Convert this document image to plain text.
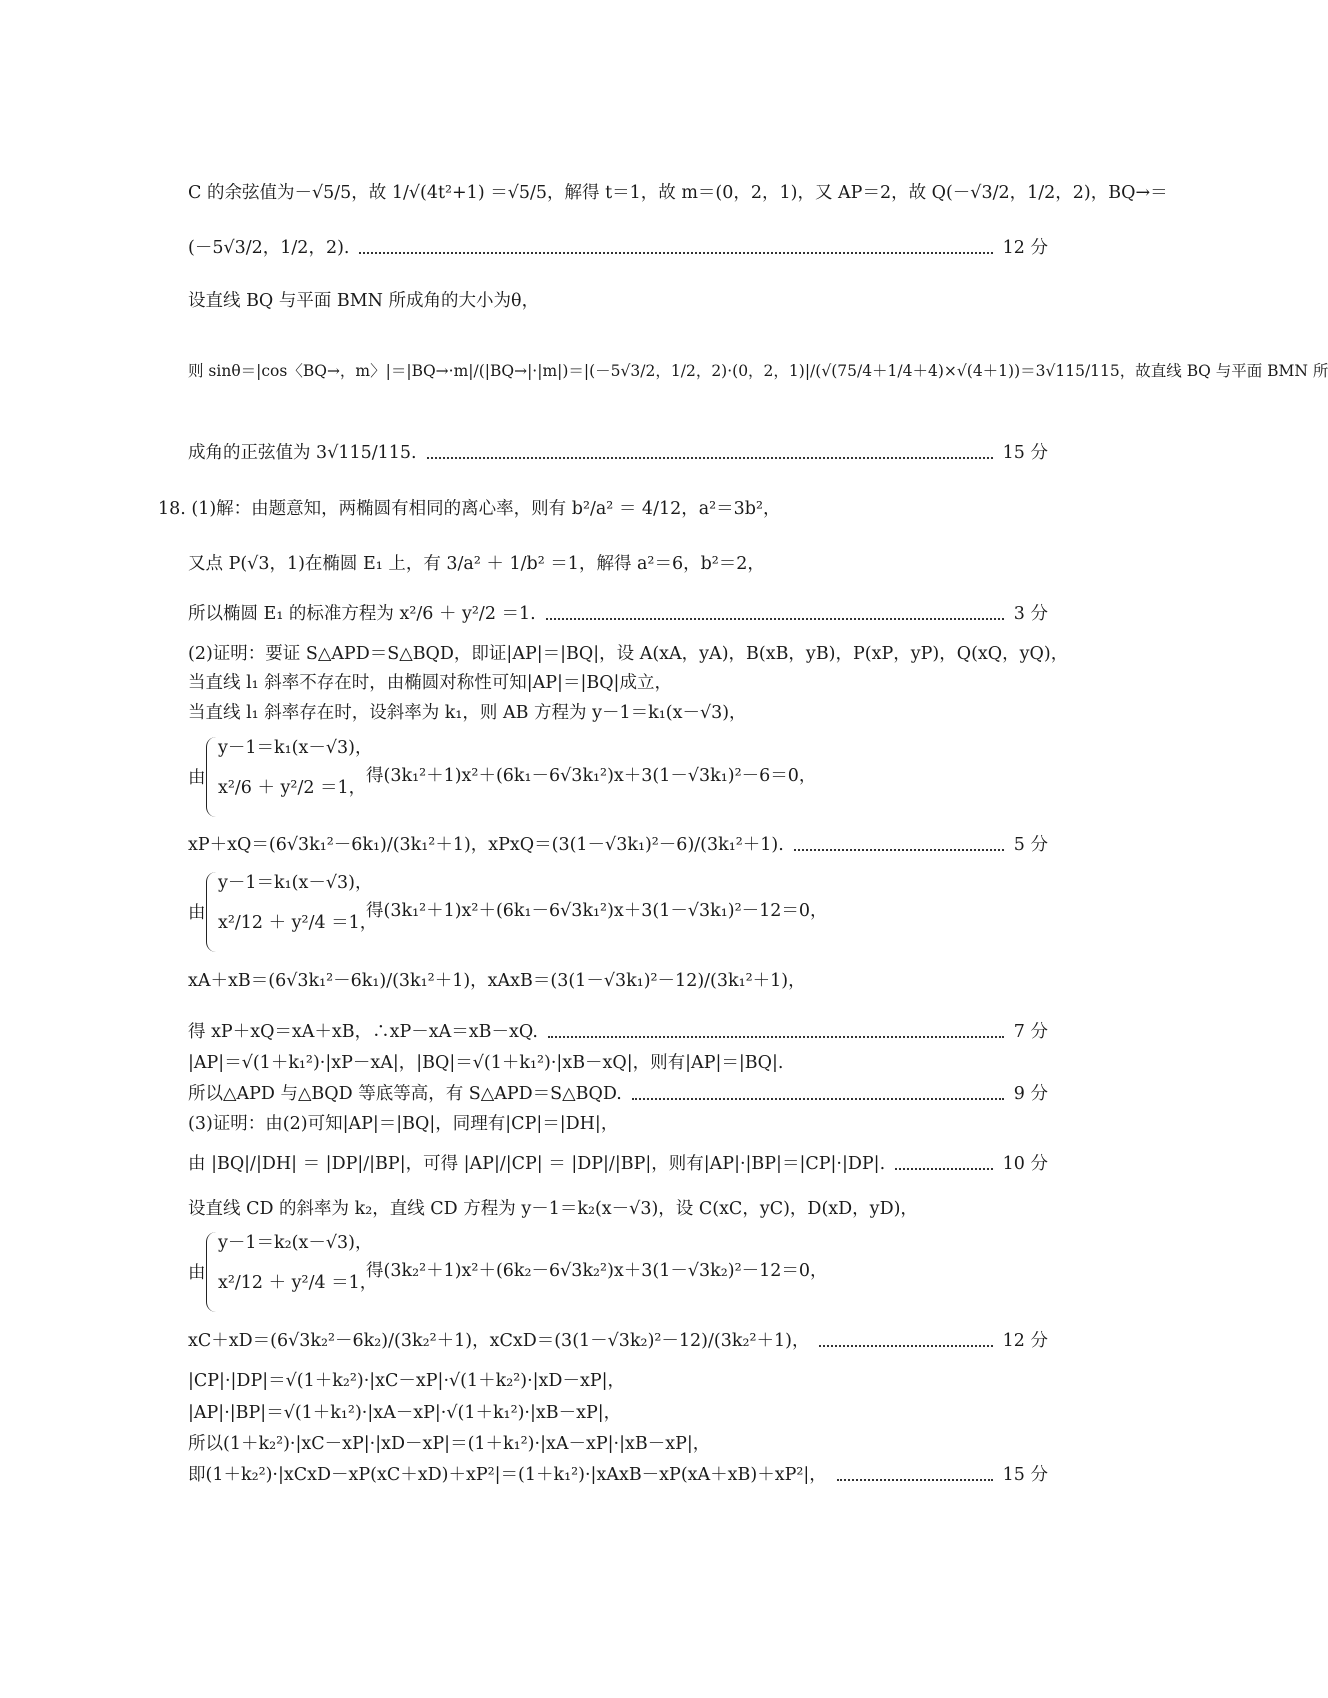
C 的余弦值为－√5/5，故 1/√(4t²+1) ＝√5/5，解得 t＝1，故 m＝(0，2，1)，又 AP＝2，故 Q(－√3/2，1/2，2)，BQ→＝
(－5√3/2，1/2，2).	12 分
设直线 BQ 与平面 BMN 所成角的大小为θ，
则 sinθ＝|cos〈BQ→，m〉|＝|BQ→·m|/(|BQ→|·|m|)＝|(－5√3/2，1/2，2)·(0，2，1)|/(√(75/4＋1/4＋4)×√(4＋1))＝3√115/115，故直线 BQ 与平面 BMN 所
成角的正弦值为 3√115/115.	15 分
18. (1)解：由题意知，两椭圆有相同的离心率，则有 b²/a² ＝ 4/12，a²＝3b²，
又点 P(√3，1)在椭圆 E₁ 上，有 3/a² ＋ 1/b² ＝1，解得 a²＝6，b²＝2，
所以椭圆 E₁ 的标准方程为 x²/6 ＋ y²/2 ＝1.	3 分
(2)证明：要证 S△APD＝S△BQD，即证|AP|＝|BQ|，设 A(xA，yA)，B(xB，yB)，P(xP，yP)，Q(xQ，yQ)，
当直线 l₁ 斜率不存在时，由椭圆对称性可知|AP|＝|BQ|成立，
当直线 l₁ 斜率存在时，设斜率为 k₁，则 AB 方程为 y－1＝k₁(x－√3)，
由
y－1＝k₁(x－√3)，
x²/6 ＋ y²/2 ＝1，
得(3k₁²＋1)x²＋(6k₁－6√3k₁²)x＋3(1－√3k₁)²－6＝0，
xP＋xQ＝(6√3k₁²－6k₁)/(3k₁²＋1)，xPxQ＝(3(1－√3k₁)²－6)/(3k₁²＋1).	5 分
由
y－1＝k₁(x－√3)，
x²/12 ＋ y²/4 ＝1，
得(3k₁²＋1)x²＋(6k₁－6√3k₁²)x＋3(1－√3k₁)²－12＝0，
xA＋xB＝(6√3k₁²－6k₁)/(3k₁²＋1)，xAxB＝(3(1－√3k₁)²－12)/(3k₁²＋1)，
得 xP＋xQ＝xA＋xB，∴xP－xA＝xB－xQ.	7 分
|AP|＝√(1＋k₁²)·|xP－xA|，|BQ|＝√(1＋k₁²)·|xB－xQ|，则有|AP|＝|BQ|.
所以△APD 与△BQD 等底等高，有 S△APD＝S△BQD.	9 分
(3)证明：由(2)可知|AP|＝|BQ|，同理有|CP|＝|DH|，
由 |BQ|/|DH| ＝ |DP|/|BP|，可得 |AP|/|CP| ＝ |DP|/|BP|，则有|AP|·|BP|＝|CP|·|DP|.	10 分
设直线 CD 的斜率为 k₂，直线 CD 方程为 y－1＝k₂(x－√3)，设 C(xC，yC)，D(xD，yD)，
由
y－1＝k₂(x－√3)，
x²/12 ＋ y²/4 ＝1，
得(3k₂²＋1)x²＋(6k₂－6√3k₂²)x＋3(1－√3k₂)²－12＝0，
xC＋xD＝(6√3k₂²－6k₂)/(3k₂²＋1)，xCxD＝(3(1－√3k₂)²－12)/(3k₂²＋1)，	12 分
|CP|·|DP|＝√(1＋k₂²)·|xC－xP|·√(1＋k₂²)·|xD－xP|，
|AP|·|BP|＝√(1＋k₁²)·|xA－xP|·√(1＋k₁²)·|xB－xP|，
所以(1＋k₂²)·|xC－xP|·|xD－xP|＝(1＋k₁²)·|xA－xP|·|xB－xP|，
即(1＋k₂²)·|xCxD－xP(xC＋xD)＋xP²|＝(1＋k₁²)·|xAxB－xP(xA＋xB)＋xP²|，	15 分
